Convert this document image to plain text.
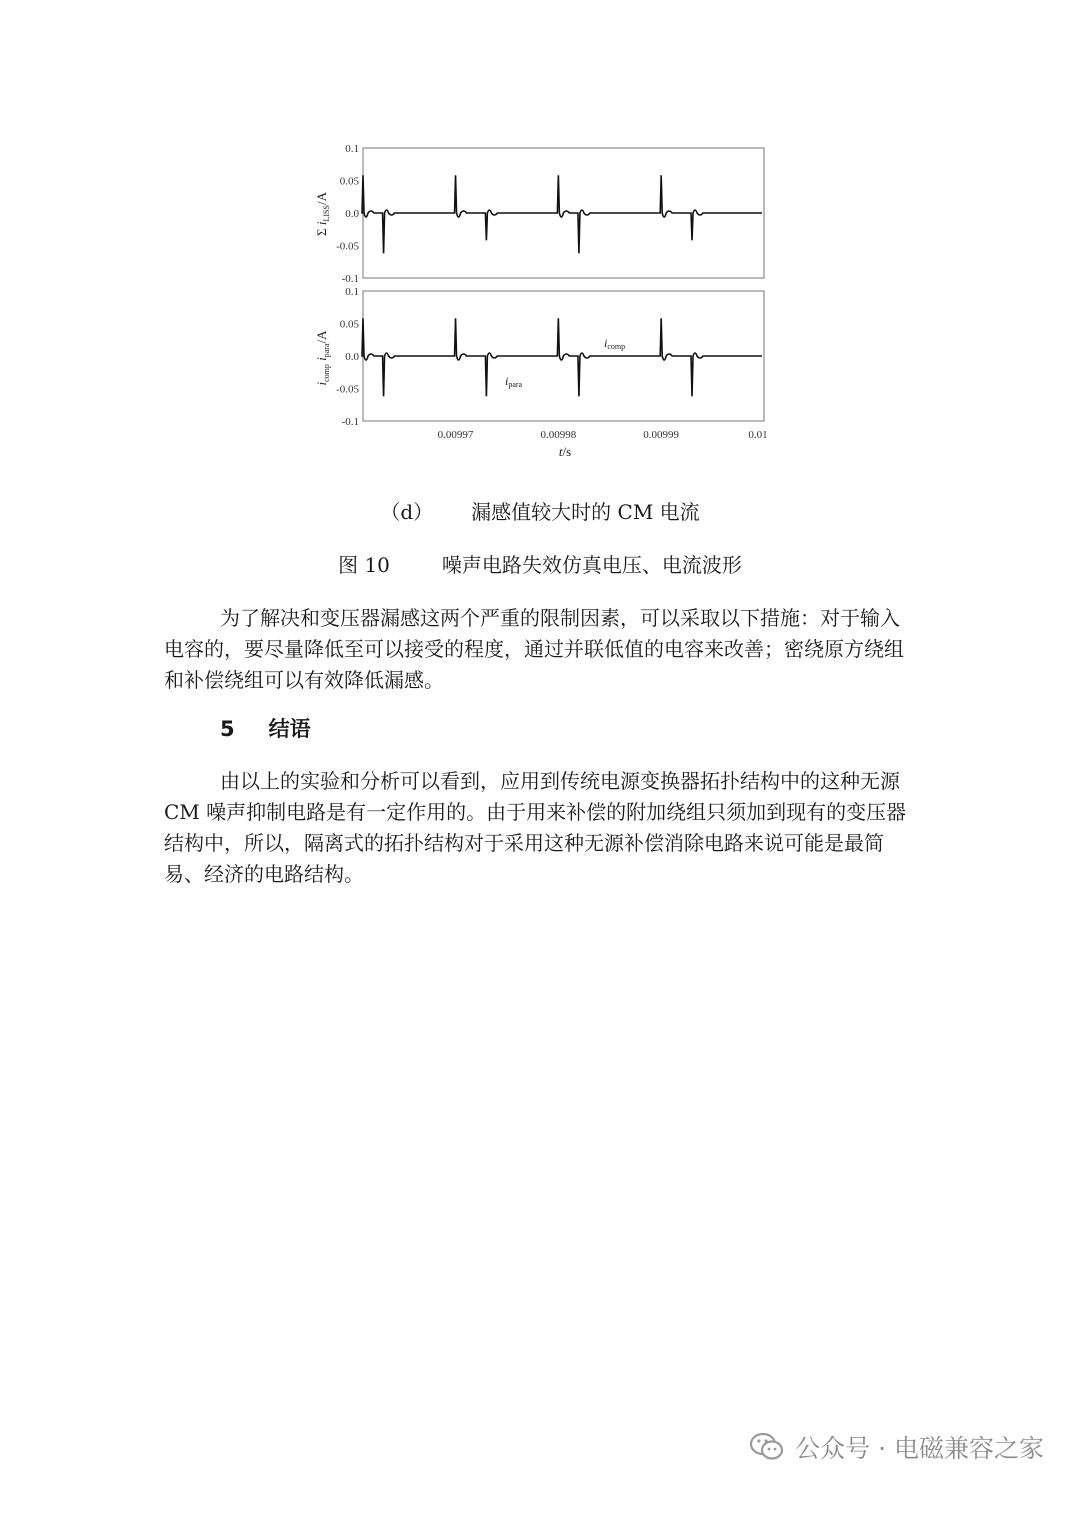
0.1
0.05
0.0
-0.05
-0.1
Σ $i_{LISS}/A$
0.1
0.05
0.0
-0.05
-0.1
$i_{comp}$ $i_{para}/A$	icomp
ipara
0.00997	0.00998	0.00999	0.01
t/s
（d） 漏感值较大时的 CM 电流
图 10	噪声电路失效仿真电压、电流波形

为了解决和变压器漏感这两个严重的限制因素，可以采取以下措施：对于输入电容的，要尽量降低至可以接受的程度，通过并联低值的电容来改善；密绕原方绕组和补偿绕组可以有效降低漏感。

5 结语

由以上的实验和分析可以看到，应用到传统电源变换器拓扑结构中的这种无源 CM 噪声抑制电路是有一定作用的。由于用来补偿的附加绕组只须加到现有的变压器结构中，所以，隔离式的拓扑结构对于采用这种无源补偿消除电路来说可能是最简易、经济的电路结构。

公众号 · 电磁兼容之家
